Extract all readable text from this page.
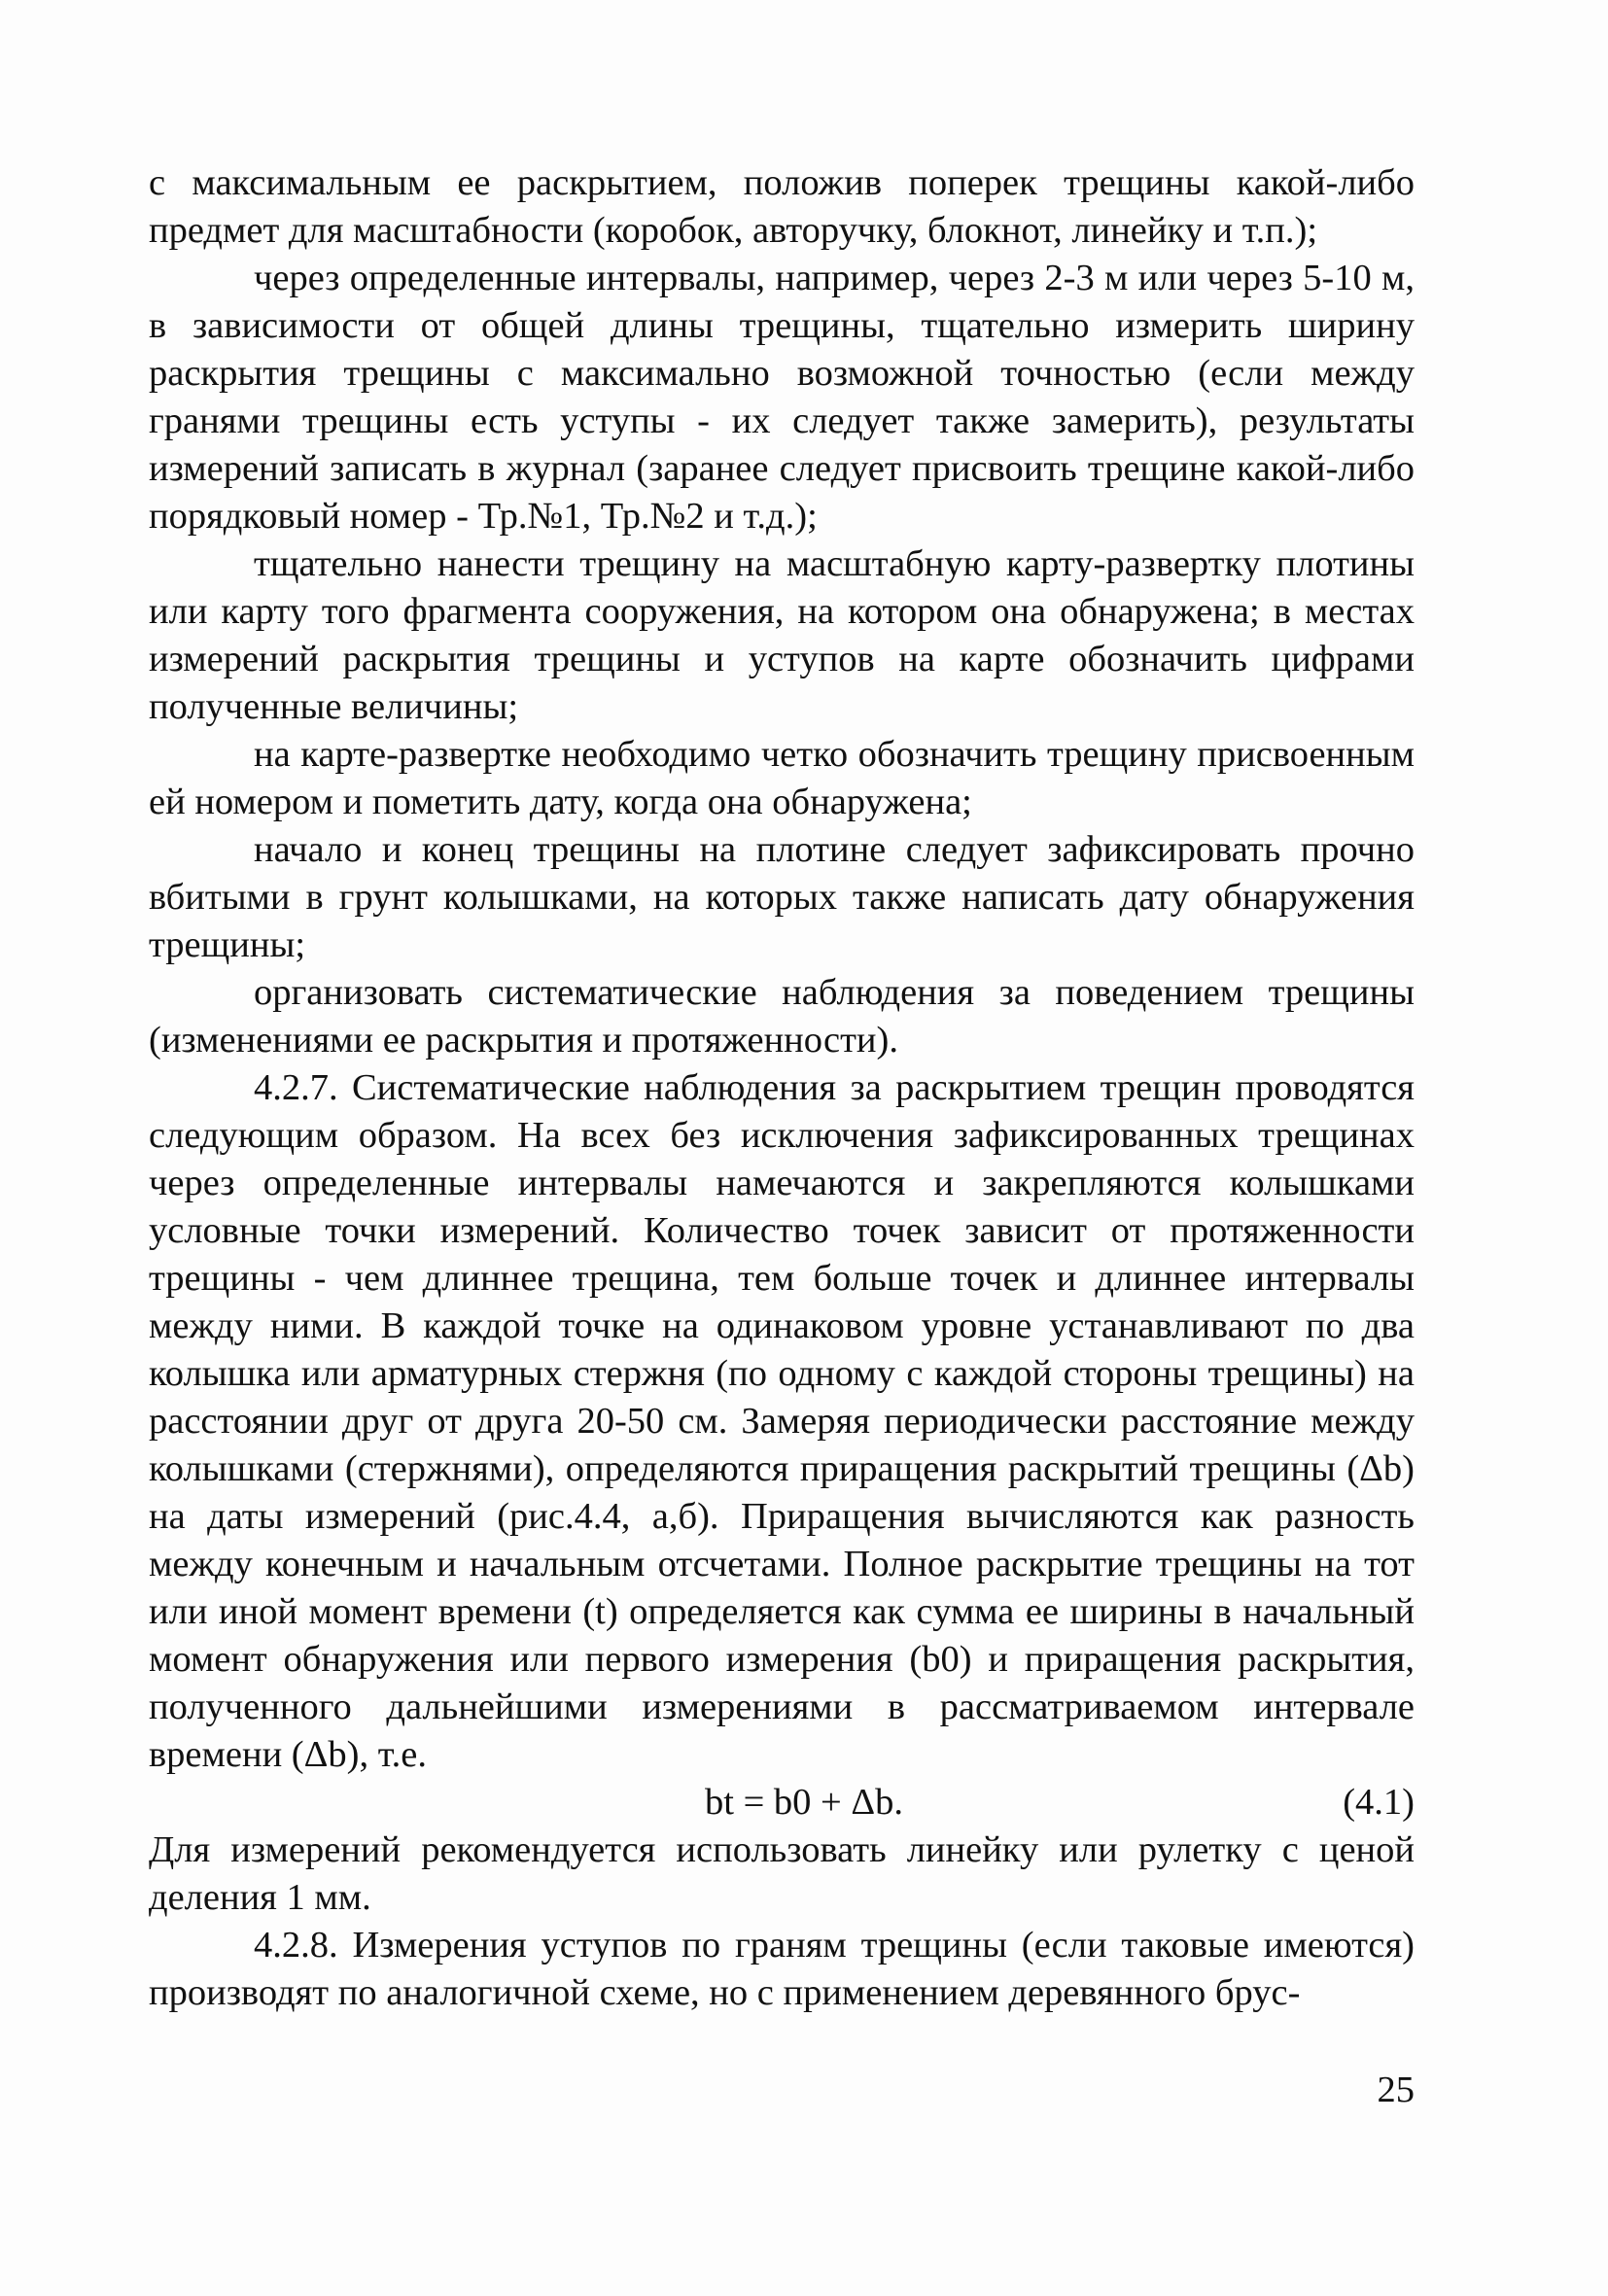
с максимальным ее раскрытием, положив поперек трещины какой-либо предмет для масштабности (коробок, авторучку, блокнот, линейку и т.п.);

через определенные интервалы, например, через 2-3 м или через 5-10 м, в зависимости от общей длины трещины, тщательно измерить ширину раскрытия трещины с максимально возможной точностью (если между гранями трещины есть уступы - их следует также замерить), результаты измерений записать в журнал (заранее следует присвоить трещине какой-либо порядковый номер - Тр.№1, Тр.№2 и т.д.);

тщательно нанести трещину на масштабную карту-развертку плотины или карту того фрагмента сооружения, на котором она обнаружена; в местах измерений раскрытия трещины и уступов на карте обозначить цифрами полученные величины;

на карте-развертке необходимо четко обозначить трещину присвоенным ей номером и пометить дату, когда она обнаружена;

начало и конец трещины на плотине следует зафиксировать прочно вбитыми в грунт колышками, на которых также написать дату обнаружения трещины;

организовать систематические наблюдения за поведением трещины (изменениями ее раскрытия и протяженности).

4.2.7. Систематические наблюдения за раскрытием трещин проводятся следующим образом. На всех без исключения зафиксированных трещинах через определенные интервалы намечаются и закрепляются колышками условные точки измерений. Количество точек зависит от протяженности трещины - чем длиннее трещина, тем больше точек и длиннее интервалы между ними. В каждой точке на одинаковом уровне устанавливают по два колышка или арматурных стержня (по одному с каждой стороны трещины) на расстоянии друг от друга 20-50 см. Замеряя периодически расстояние между колышками (стержнями), определяются приращения раскрытий трещины (Δb) на даты измерений (рис.4.4, а,б). Приращения вычисляются как разность между конечным и начальным отсчетами. Полное раскрытие трещины на тот или иной момент времени (t) определяется как сумма ее ширины в начальный момент обнаружения или первого измерения (b0) и приращения раскрытия, полученного дальнейшими измерениями в рассматриваемом интервале времени (Δb), т.е.

bt = b0 + Δb.	(4.1)

Для измерений рекомендуется использовать линейку или рулетку с ценой деления 1 мм.

4.2.8. Измерения уступов по граням трещины (если таковые имеются) производят по аналогичной схеме, но с применением деревянного брус-

25
